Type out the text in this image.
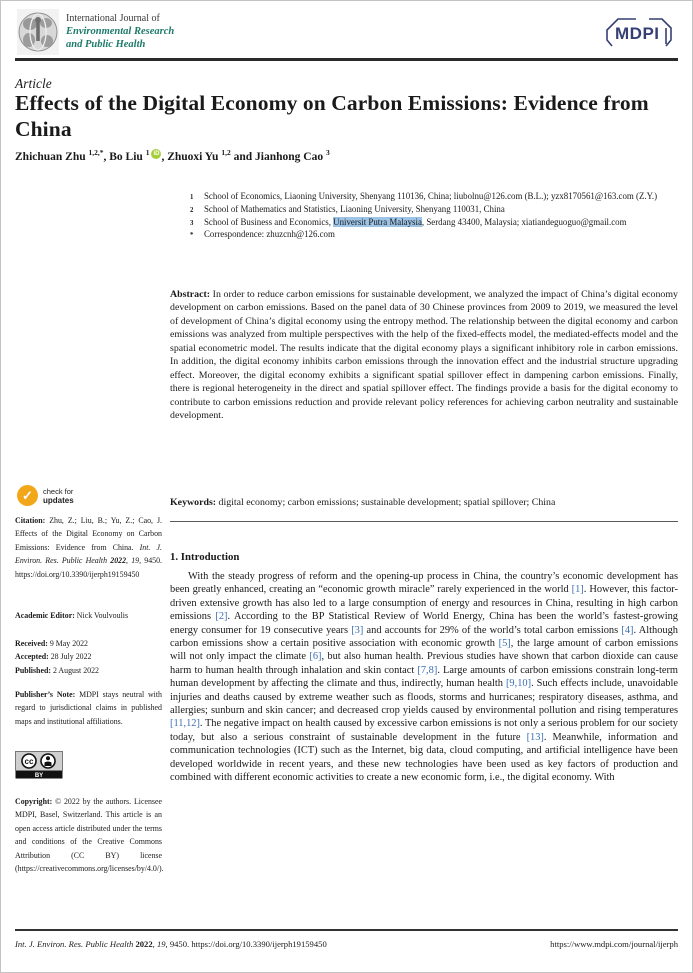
International Journal of
Environmental Research
and Public Health
MDPI
Article
Effects of the Digital Economy on Carbon Emissions: Evidence from China
Zhichuan Zhu $^{1,2,*}$, Bo Liu $^1$ iD , Zhuoxi Yu $^{1,2}$ and Jianhong Cao $^3$
1	School of Economics, Liaoning University, Shenyang 110136, China; liubolnu@126.com (B.L.); yzx8170561@163.com (Z.Y.)
2	School of Mathematics and Statistics, Liaoning University, Shenyang 110031, China
3	School of Business and Economics, Universit Putra Malaysia, Serdang 43400, Malaysia; xiatiandeguoguo@gmail.com
*	Correspondence: zhuzcnh@126.com

Abstract: In order to reduce carbon emissions for sustainable development, we analyzed the impact of China’s digital economy development on carbon emissions. Based on the panel data of 30 Chinese provinces from 2009 to 2019, we measured the level of development of China’s digital economy using the entropy method. The relationship between the digital economy and carbon emissions was analyzed from multiple perspectives with the help of the fixed-effects model, the mediated-effects model and the spatial econometric model. The results indicate that the digital economy plays a significant inhibitory role in carbon emissions. In addition, the digital economy inhibits carbon emissions through the innovation effect and the industrial structure upgrading effect. Moreover, the digital economy exhibits a significant spatial spillover effect in dampening carbon emissions. Finally, there is regional heterogeneity in the direct and spatial spillover effect. The findings provide a basis for the digital economy to contribute to carbon emissions reduction and provide relevant policy references for achieving carbon neutrality and sustainable development.

Keywords: digital economy; carbon emissions; sustainable development; spatial spillover; China

1. Introduction

With the steady progress of reform and the opening-up process in China, the country’s economic development has been greatly enhanced, creating an “economic growth miracle” rarely experienced in the world [1]. However, this factor-driven extensive growth has also led to a large consumption of energy and resources in China, resulting in high carbon emissions [2]. According to the BP Statistical Review of World Energy, China has been the world’s fastest-growing energy consumer for 19 consecutive years [3] and accounts for 29% of the world’s total carbon emissions [4]. Although carbon emissions show a certain positive association with economic growth [5], the large amount of carbon emissions will not only impact the climate [6], but also human health. Previous studies have shown that carbon dioxide can cause harm to human health through inhalation and skin contact [7,8]. Large amounts of carbon emissions constrain long-term human development by affecting the climate and thus, indirectly, human health [9,10]. Such effects include, unavoidable injuries and deaths caused by extreme weather such as floods, storms and hurricanes; respiratory diseases, asthma, and allergies; sunburn and skin cancer; and decreased crop yields caused by environmental pollution and rising temperatures [11,12]. The negative impact on health caused by excessive carbon emissions is not only a serious problem for our society today, but also a serious constraint of sustainable development in the future [13]. Meanwhile, information and communication technologies (ICT) such as the Internet, big data, cloud computing, and artificial intelligence have been developed worldwide in recent years, and these new technologies have been used as key factors of production and combined with different economic activities to create a new economic form, i.e., the digital economy. With

✓	check for
updates
Citation: Zhu, Z.; Liu, B.; Yu, Z.; Cao, J. Effects of the Digital Economy on Carbon Emissions: Evidence from China. Int. J. Environ. Res. Public Health 2022, 19, 9450. https://doi.org/10.3390/ijerph19159450
Academic Editor: Nick Voulvoulis
Received: 9 May 2022
Accepted: 28 July 2022
Published: 2 August 2022
Publisher’s Note: MDPI stays neutral with regard to jurisdictional claims in published maps and institutional affiliations.
cc
BY
Copyright: © 2022 by the authors. Licensee MDPI, Basel, Switzerland. This article is an open access article distributed under the terms and conditions of the Creative Commons Attribution (CC BY) license (https://creativecommons.org/licenses/by/4.0/).
Int. J. Environ. Res. Public Health 2022, 19, 9450. https://doi.org/10.3390/ijerph19159450	https://www.mdpi.com/journal/ijerph
